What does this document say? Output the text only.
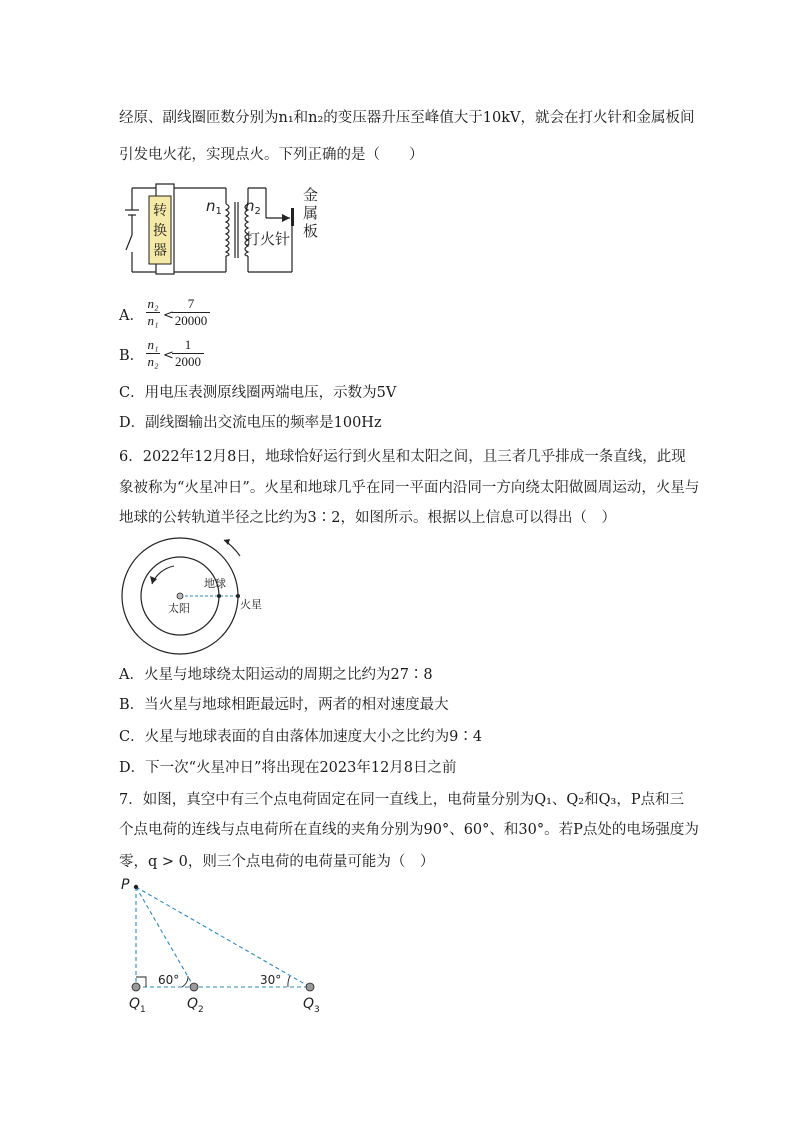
经原、副线圈匝数分别为n₁和n₂的变压器升压至峰值大于10kV，就会在打火针和金属板间
引发电火花，实现点火。下列正确的是（　　）
转
换
器
$n_1$ $n_2$
打火针
金
属
板
A． $\frac{\text{n₂}}{\text{n₁}}$ <
$\frac{7}{20000}$
B． $\frac{\text{n₁}}{\text{n₂}}$ <
$\frac{1}{2000}$
C．用电压表测原线圈两端电压，示数为5V
D．副线圈输出交流电压的频率是100Hz
6．2022年12月8日，地球恰好运行到火星和太阳之间，且三者几乎排成一条直线，此现
象被称为“火星冲日”。火星和地球几乎在同一平面内沿同一方向绕太阳做圆周运动，火星与
地球的公转轨道半径之比约为3∶2，如图所示。根据以上信息可以得出（　）
太阳
地球
火星
A．火星与地球绕太阳运动的周期之比约为27∶8
B．当火星与地球相距最远时，两者的相对速度最大
C．火星与地球表面的自由落体加速度大小之比约为9∶4
D．下一次“火星冲日”将出现在2023年12月8日之前
7．如图，真空中有三个点电荷固定在同一直线上，电荷量分别为Q₁、Q₂和Q₃，P点和三
个点电荷的连线与点电荷所在直线的夹角分别为90°、60°、和30°。若P点处的电场强度为
零，q > 0，则三个点电荷的电荷量可能为（　）
P
60°	30°
$Q_1$	$Q_2$	$Q_3$
